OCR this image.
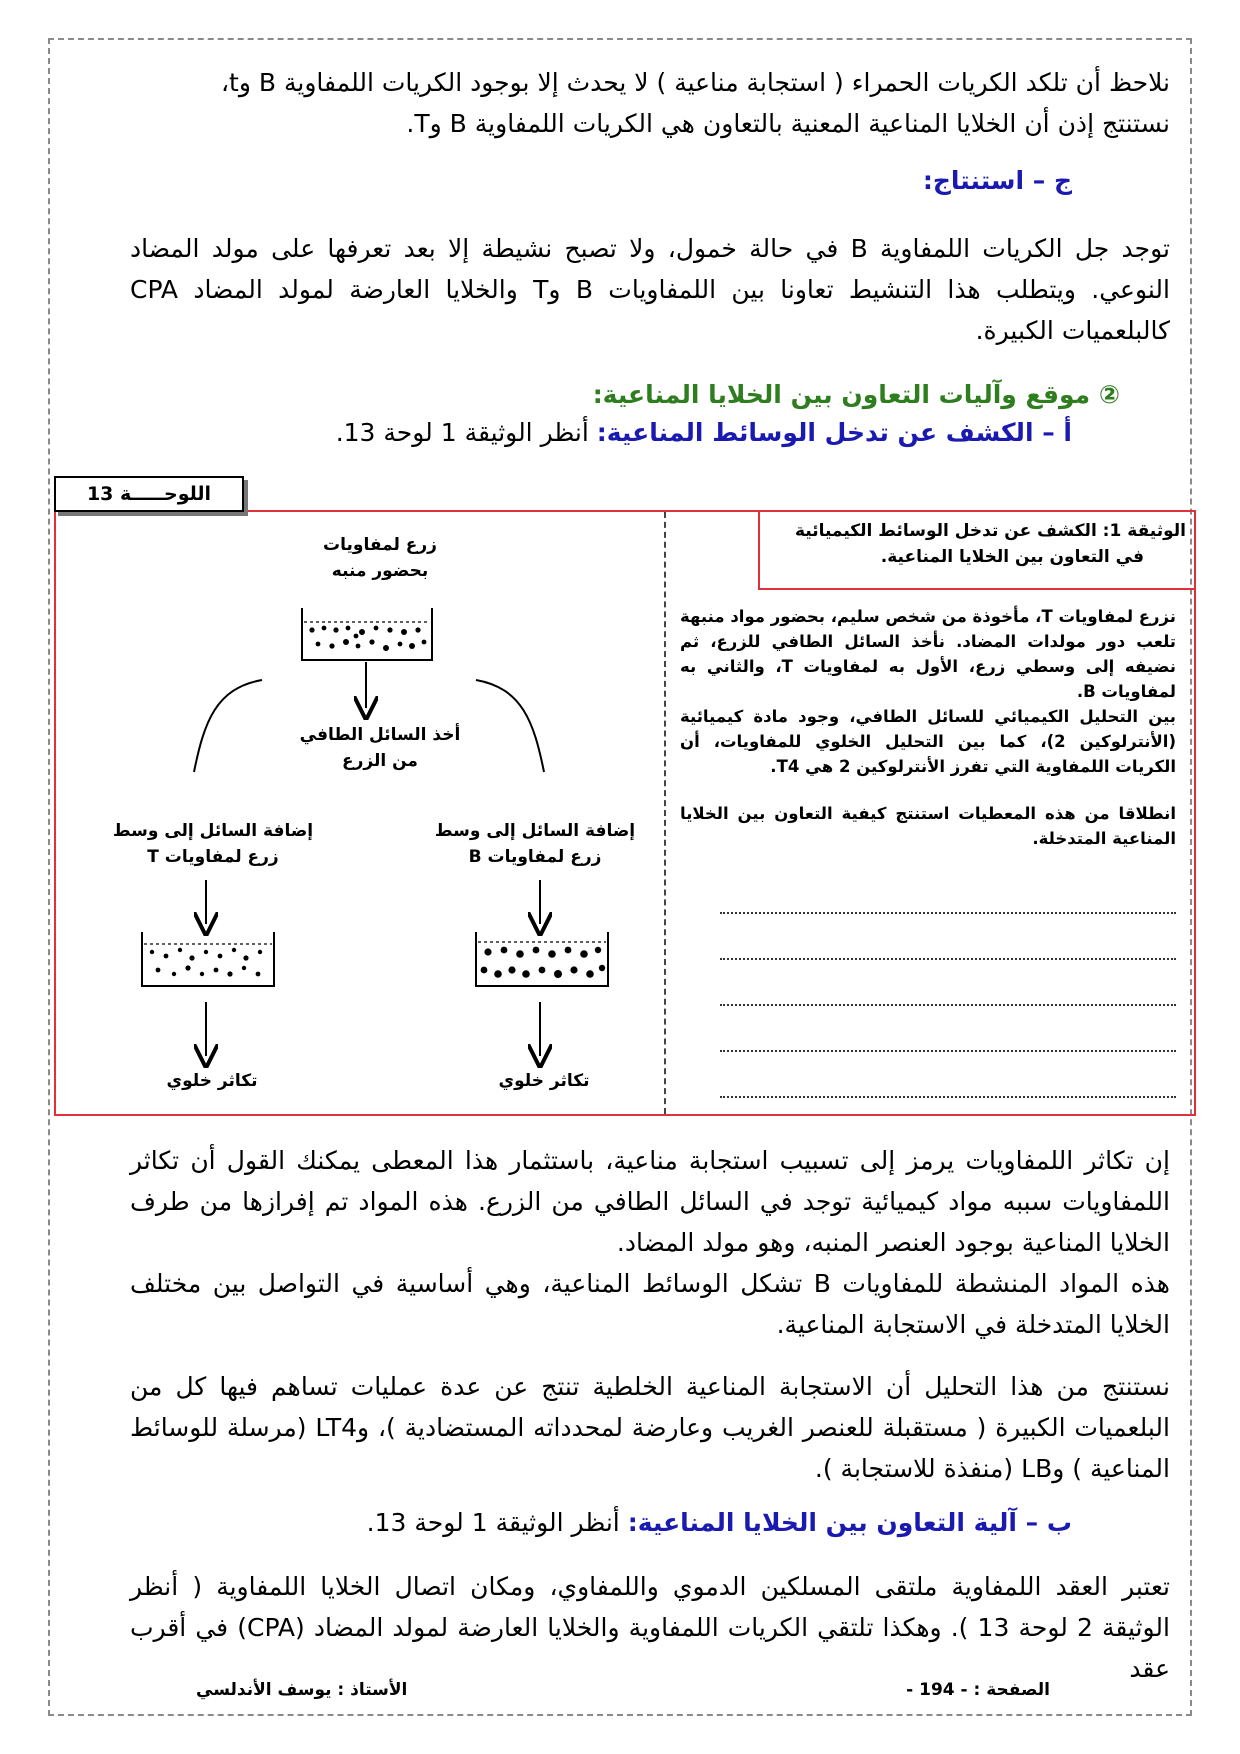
نلاحظ أن تلكد الكريات الحمراء ( استجابة مناعية ) لا يحدث إلا بوجود الكريات اللمفاوية B وt،

نستنتج إذن أن الخلايا المناعية المعنية بالتعاون هي الكريات اللمفاوية B وT.

ج – استنتاج:

توجد جل الكريات اللمفاوية B في حالة خمول، ولا تصبح نشيطة إلا بعد تعرفها على مولد المضاد النوعي. ويتطلب هذا التنشيط تعاونا بين اللمفاويات B وT والخلايا العارضة لمولد المضاد CPA كالبلعميات الكبيرة.

② موقع وآليات التعاون بين الخلايا المناعية:
أ – الكشف عن تدخل الوسائط المناعية: أنظر الوثيقة 1 لوحة 13.
اللوحـــــة 13
الوثيقة 1: الكشف عن تدخل الوسائط الكيميائية
في التعاون بين الخلايا المناعية.

نزرع لمفاويات T، مأخوذة من شخص سليم، بحضور مواد منبهة تلعب دور مولدات المضاد. نأخذ السائل الطافي للزرع، ثم نضيفه إلى وسطي زرع، الأول به لمفاويات T، والثاني به لمفاويات B.

بين التحليل الكيميائي للسائل الطافي، وجود مادة كيميائية (الأنترلوكين 2)، كما بين التحليل الخلوي للمفاويات، أن الكريات اللمفاوية التي تفرز الأنترلوكين 2 هي T4.

انطلاقا من هذه المعطيات استنتج كيفية التعاون بين الخلايا المناعية المتدخلة.

زرع لمفاويات
بحضور منبه
أخذ السائل الطافي
من الزرع
إضافة السائل إلى وسط
زرع لمفاويات B
إضافة السائل إلى وسط
زرع لمفاويات T
تكاثر خلوي
تكاثر خلوي

إن تكاثر اللمفاويات يرمز إلى تسبيب استجابة مناعية، باستثمار هذا المعطى يمكنك القول أن تكاثر اللمفاويات سببه مواد كيميائية توجد في السائل الطافي من الزرع. هذه المواد تم إفرازها من طرف الخلايا المناعية بوجود العنصر المنبه، وهو مولد المضاد.

هذه المواد المنشطة للمفاويات B تشكل الوسائط المناعية، وهي أساسية في التواصل بين مختلف الخلايا المتدخلة في الاستجابة المناعية.

نستنتج من هذا التحليل أن الاستجابة المناعية الخلطية تنتج عن عدة عمليات تساهم فيها كل من البلعميات الكبيرة ( مستقبلة للعنصر الغريب وعارضة لمحدداته المستضادية )، وLT4 (مرسلة للوسائط المناعية ) وLB (منفذة للاستجابة ).

ب – آلية التعاون بين الخلايا المناعية: أنظر الوثيقة 1 لوحة 13.

تعتبر العقد اللمفاوية ملتقى المسلكين الدموي واللمفاوي، ومكان اتصال الخلايا اللمفاوية ( أنظر الوثيقة 2 لوحة 13 ). وهكذا تلتقي الكريات اللمفاوية والخلايا العارضة لمولد المضاد (CPA) في أقرب عقد

الصفحة : - 194 -
الأستاذ : يوسف الأندلسي
